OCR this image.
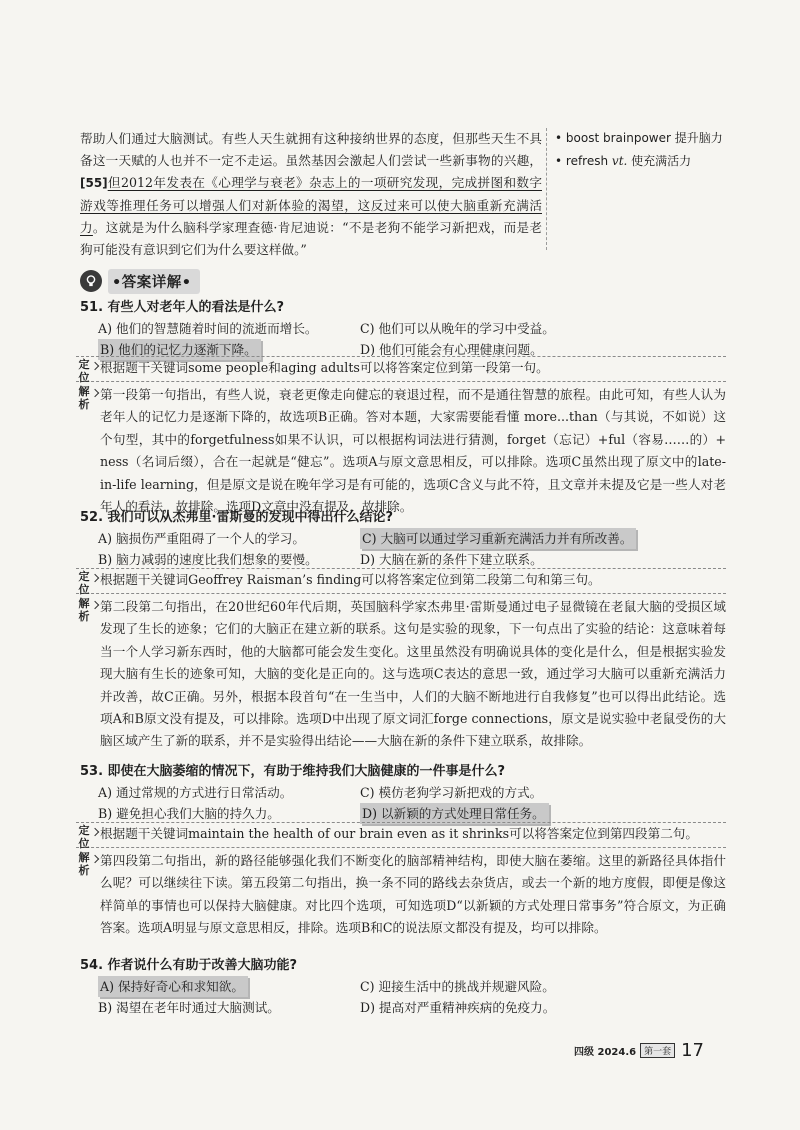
帮助人们通过大脑测试。有些人天生就拥有这种接纳世界的态度，但那些天生不具备这一天赋的人也并不一定不走运。虽然基因会激起人们尝试一些新事物的兴趣，[55]但2012年发表在《心理学与衰老》杂志上的一项研究发现，完成拼图和数字游戏等推理任务可以增强人们对新体验的渴望，这反过来可以使大脑重新充满活力。这就是为什么脑科学家理查德·肯尼迪说：“不是老狗不能学习新把戏，而是老狗可能没有意识到它们为什么要这样做。”
• boost brainpower 提升脑力
• refresh vt. 使充满活力
•答案详解•
51. 有些人对老年人的看法是什么?
A) 他们的智慧随着时间的流逝而增长。	C) 他们可以从晚年的学习中受益。
B) 他们的记忆力逐渐下降。	D) 他们可能会有心理健康问题。
定
位
根据题干关键词some people和aging adults可以将答案定位到第一段第一句。
解
析
第一段第一句指出，有些人说，衰老更像走向健忘的衰退过程，而不是通往智慧的旅程。由此可知，有些人认为老年人的记忆力是逐渐下降的，故选项B正确。答对本题，大家需要能看懂 more...than（与其说，不如说）这个句型，其中的forgetfulness如果不认识，可以根据构词法进行猜测，forget（忘记）+ful（容易……的）+ ness（名词后缀），合在一起就是“健忘”。选项A与原文意思相反，可以排除。选项C虽然出现了原文中的late-in-life learning，但是原文是说在晚年学习是有可能的，选项C含义与此不符，且文章并未提及它是一些人对老年人的看法，故排除。选项D文章中没有提及，故排除。
52. 我们可以从杰弗里·雷斯曼的发现中得出什么结论?
A) 脑损伤严重阻碍了一个人的学习。	C) 大脑可以通过学习重新充满活力并有所改善。
B) 脑力减弱的速度比我们想象的要慢。	D) 大脑在新的条件下建立联系。
定
位
根据题干关键词Geoffrey Raisman’s finding可以将答案定位到第二段第二句和第三句。
解
析
第二段第二句指出，在20世纪60年代后期，英国脑科学家杰弗里·雷斯曼通过电子显微镜在老鼠大脑的受损区域发现了生长的迹象；它们的大脑正在建立新的联系。这句是实验的现象，下一句点出了实验的结论：这意味着每当一个人学习新东西时，他的大脑都可能会发生变化。这里虽然没有明确说具体的变化是什么，但是根据实验发现大脑有生长的迹象可知，大脑的变化是正向的。这与选项C表达的意思一致，通过学习大脑可以重新充满活力并改善，故C正确。另外，根据本段首句“在一生当中，人们的大脑不断地进行自我修复”也可以得出此结论。选项A和B原文没有提及，可以排除。选项D中出现了原文词汇forge connections，原文是说实验中老鼠受伤的大脑区域产生了新的联系，并不是实验得出结论——大脑在新的条件下建立联系，故排除。
53. 即使在大脑萎缩的情况下，有助于维持我们大脑健康的一件事是什么?
A) 通过常规的方式进行日常活动。	C) 模仿老狗学习新把戏的方式。
B) 避免担心我们大脑的持久力。	D) 以新颖的方式处理日常任务。
定
位
根据题干关键词maintain the health of our brain even as it shrinks可以将答案定位到第四段第二句。
解
析
第四段第二句指出，新的路径能够强化我们不断变化的脑部精神结构，即使大脑在萎缩。这里的新路径具体指什么呢？可以继续往下读。第五段第二句指出，换一条不同的路线去杂货店，或去一个新的地方度假，即便是像这样简单的事情也可以保持大脑健康。对比四个选项，可知选项D“以新颖的方式处理日常事务”符合原文，为正确答案。选项A明显与原文意思相反，排除。选项B和C的说法原文都没有提及，均可以排除。
54. 作者说什么有助于改善大脑功能?
A) 保持好奇心和求知欲。	C) 迎接生活中的挑战并规避风险。
B) 渴望在老年时通过大脑测试。	D) 提高对严重精神疾病的免疫力。
四级 2024.6 第一套 17
